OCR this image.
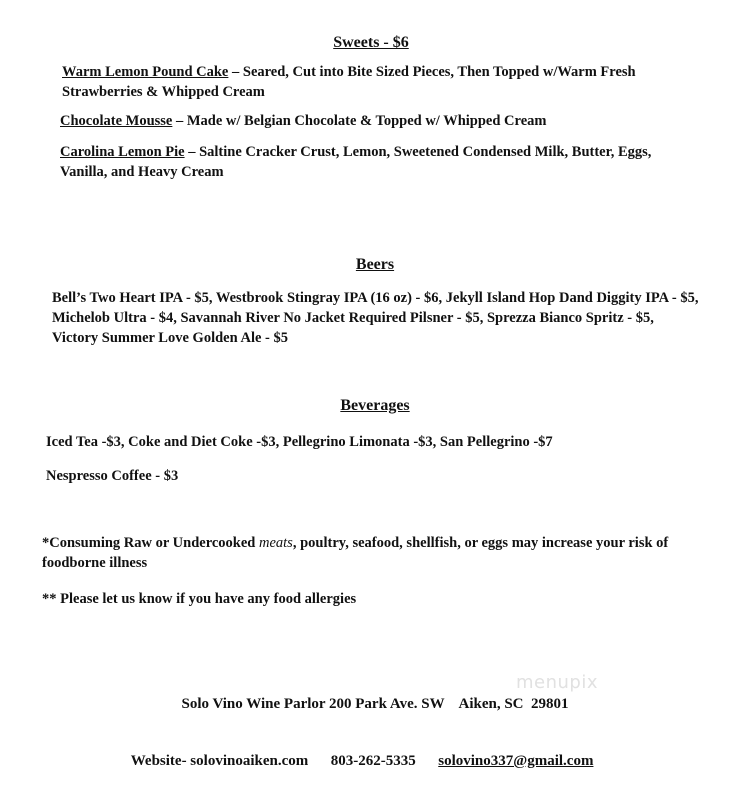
Sweets - $6
Warm Lemon Pound Cake – Seared, Cut into Bite Sized Pieces, Then Topped w/Warm Fresh Strawberries & Whipped Cream
Chocolate Mousse – Made w/ Belgian Chocolate & Topped w/ Whipped Cream
Carolina Lemon Pie – Saltine Cracker Crust, Lemon, Sweetened Condensed Milk, Butter, Eggs, Vanilla, and Heavy Cream
Beers
Bell’s Two Heart IPA - $5, Westbrook Stingray IPA (16 oz) - $6, Jekyll Island Hop Dand Diggity IPA - $5, Michelob Ultra - $4, Savannah River No Jacket Required Pilsner - $5, Sprezza Bianco Spritz - $5, Victory Summer Love Golden Ale - $5
Beverages
Iced Tea -$3, Coke and Diet Coke -$3, Pellegrino Limonata -$3, San Pellegrino -$7
Nespresso Coffee - $3
*Consuming Raw or Undercooked meats, poultry, seafood, shellfish, or eggs may increase your risk of foodborne illness
** Please let us know if you have any food allergies
menupix
Solo Vino Wine Parlor 200 Park Ave. SW    Aiken, SC  29801

Website- solovinoaiken.com 803-262-5335 solovino337@gmail.com
